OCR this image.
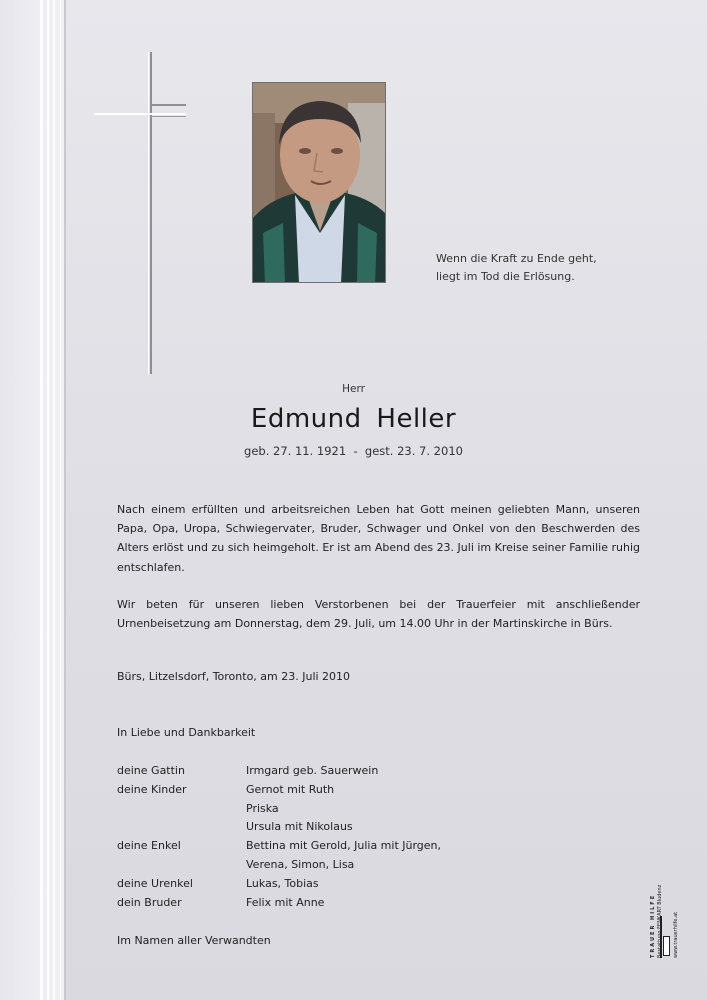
Wenn die Kraft zu Ende geht,
liegt im Tod die Erlösung.
Herr
Edmund Heller
geb. 27. 11. 1921  -  gest. 23. 7. 2010
Nach einem erfüllten und arbeitsreichen Leben hat Gott meinen geliebten Mann, unseren Papa, Opa, Uropa, Schwiegervater, Bruder, Schwager und Onkel von den Beschwerden des Alters erlöst und zu sich heimgeholt. Er ist am Abend des 23. Juli im Kreise seiner Familie ruhig entschlafen.
Wir beten für unseren lieben Verstorbenen bei der Trauerfeier mit anschließender Urnenbeisetzung am Donnerstag, dem 29. Juli, um 14.00 Uhr in der Martinskirche in Bürs.
Bürs, Litzelsdorf, Toronto, am 23. Juli 2010
In Liebe und Dankbarkeit
deine Gattin	Irmgard geb. Sauerwein
deine Kinder	Gernot mit Ruth
Priska
Ursula mit Nikolaus
deine Enkel	Bettina mit Gerold, Julia mit Jürgen,
Verena, Simon, Lisa
deine Urenkel	Lukas, Tobias
dein Bruder	Felix mit Anne
Im Namen aller Verwandten	TRAUER HILFE Bestattung FENKART Bludenz www.trauerhilfe.at
